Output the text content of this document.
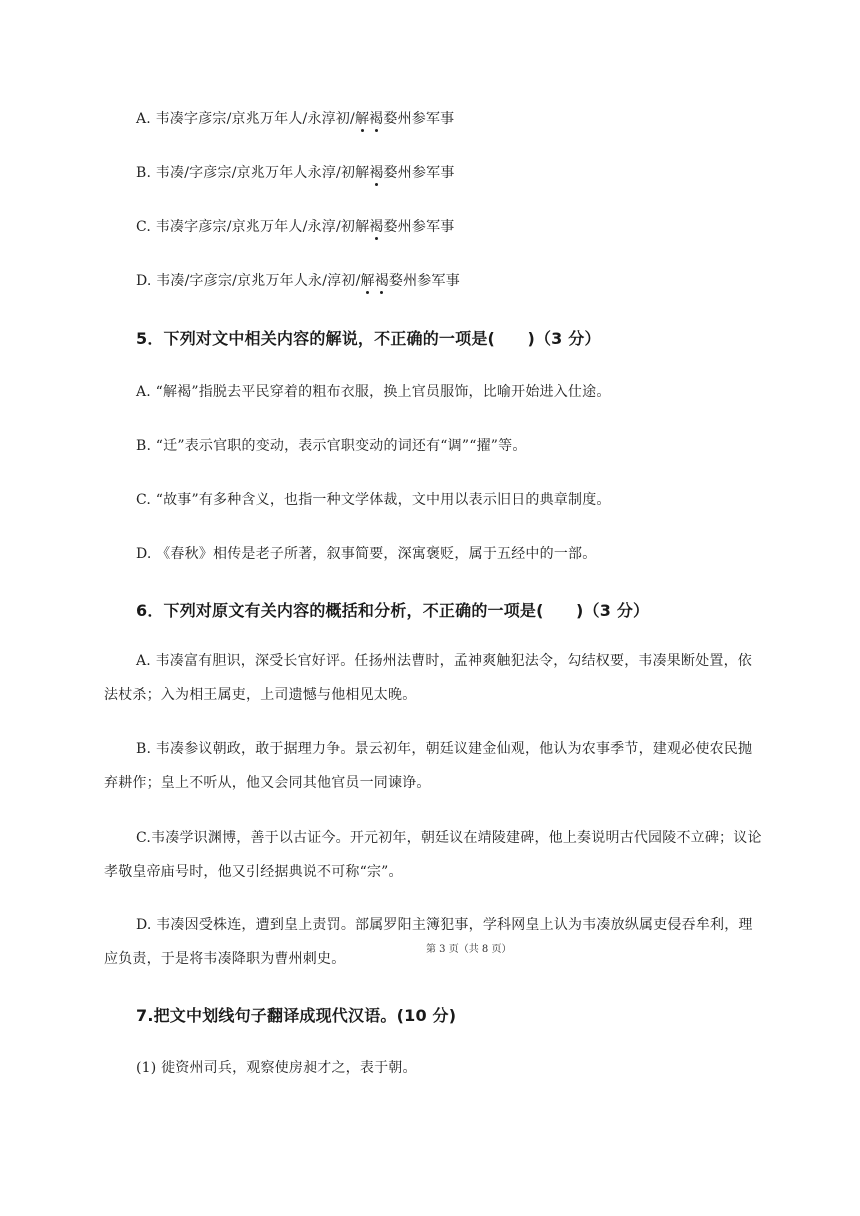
A. 韦凑字彦宗/京兆万年人/永淳初/解褐婺州参军事
B. 韦凑/字彦宗/京兆万年人永淳/初解褐婺州参军事
C. 韦凑字彦宗/京兆万年人/永淳/初解褐婺州参军事
D. 韦凑/字彦宗/京兆万年人永/淳初/解褐婺州参军事
5．下列对文中相关内容的解说，不正确的一项是(　　)（3 分）
A. “解褐”指脱去平民穿着的粗布衣服，换上官员服饰，比喻开始进入仕途。
B. “迁”表示官职的变动，表示官职变动的词还有“调”“擢”等。
C. “故事”有多种含义，也指一种文学体裁，文中用以表示旧日的典章制度。
D. 《春秋》相传是老子所著，叙事简要，深寓褒贬，属于五经中的一部。
6．下列对原文有关内容的概括和分析，不正确的一项是(　　)（3 分）
A. 韦凑富有胆识，深受长官好评。任扬州法曹时，孟神爽触犯法令，勾结权要，韦凑果断处置，依法杖杀；入为相王属吏，上司遗憾与他相见太晚。
B. 韦凑参议朝政，敢于据理力争。景云初年，朝廷议建金仙观，他认为农事季节，建观必使农民抛弃耕作；皇上不听从，他又会同其他官员一同谏诤。
C.韦凑学识渊博，善于以古证今。开元初年，朝廷议在靖陵建碑，他上奏说明古代园陵不立碑；议论孝敬皇帝庙号时，他又引经据典说不可称“宗”。
D. 韦凑因受株连，遭到皇上责罚。部属罗阳主簿犯事，学科网皇上认为韦凑放纵属吏侵吞牟利，理应负责，于是将韦凑降职为曹州刺史。
第 3 页（共 8 页）
7.把文中划线句子翻译成现代汉语。(10 分)
(1) 徙资州司兵，观察使房昶才之，表于朝。
